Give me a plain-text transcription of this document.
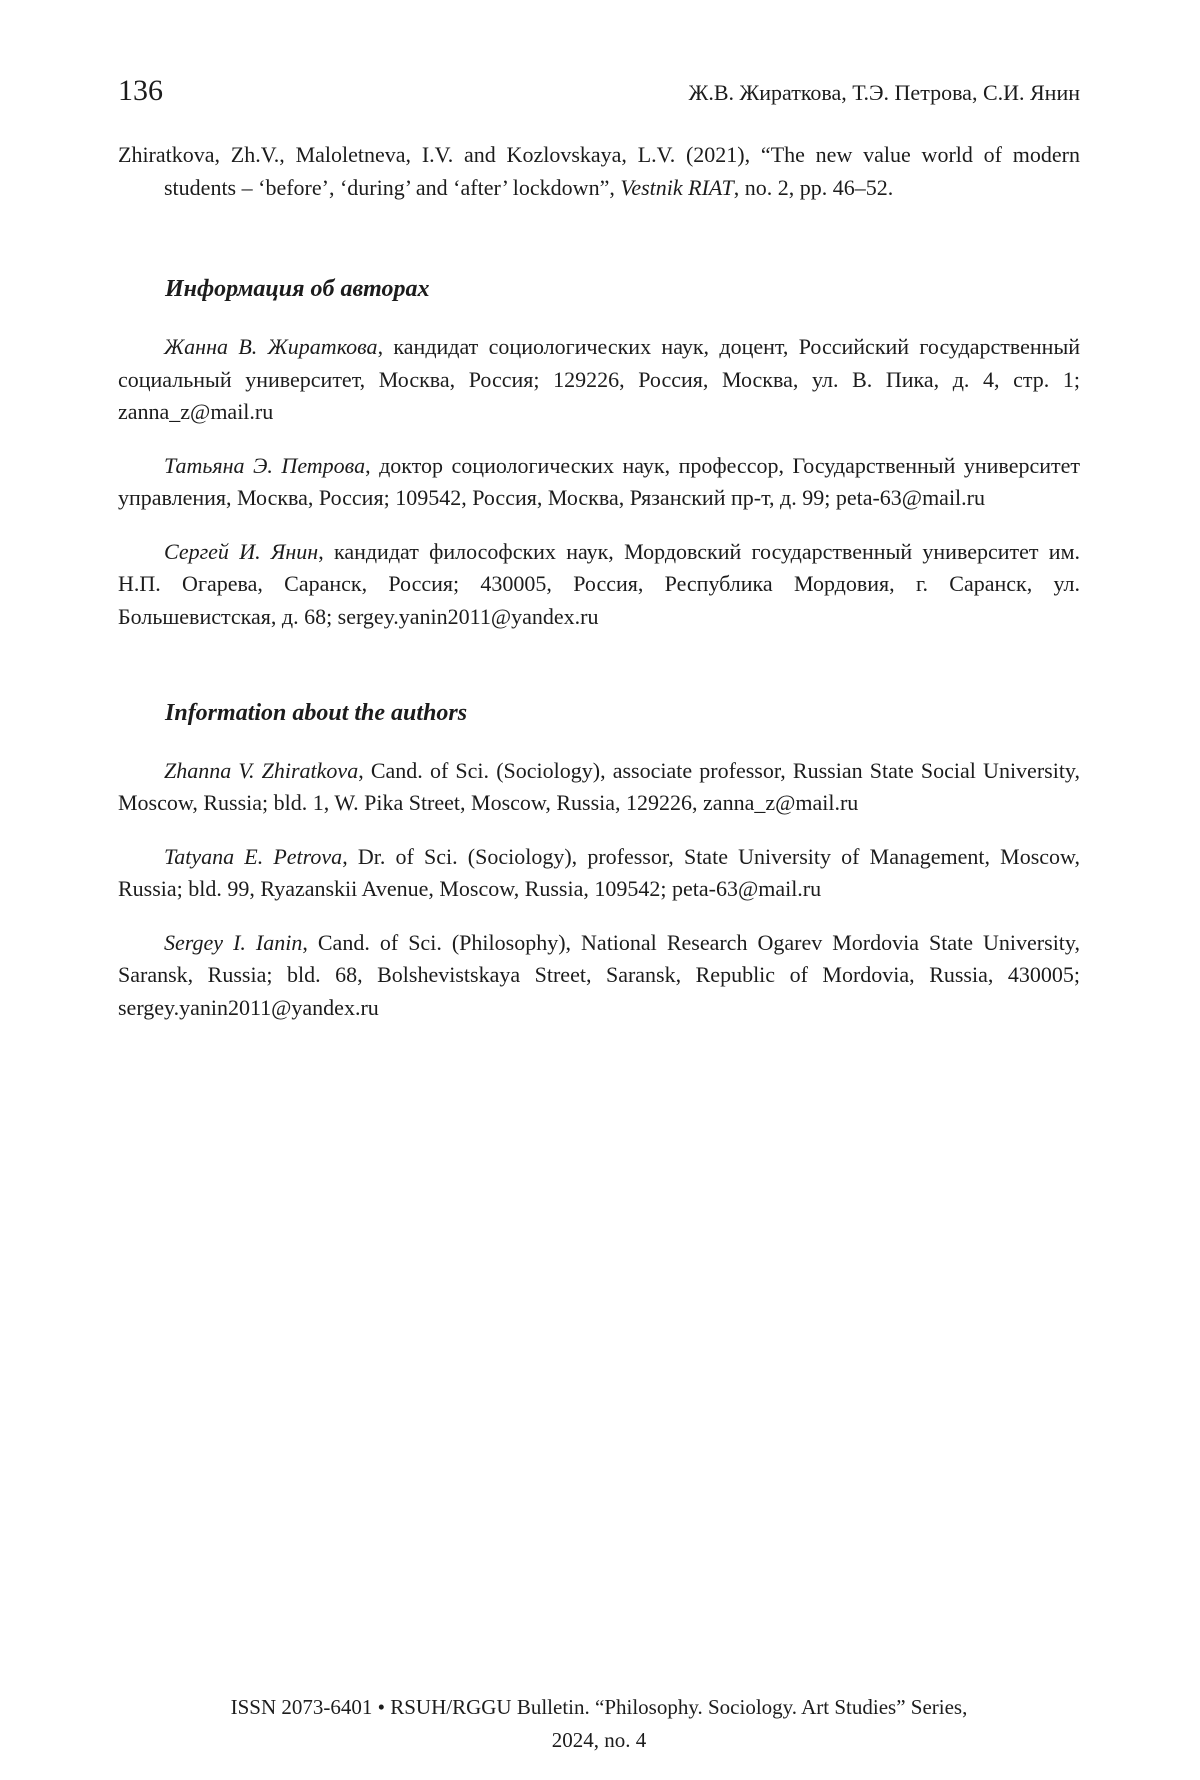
136	Ж.В. Жираткова, Т.Э. Петрова, С.И. Янин

Zhiratkova, Zh.V., Maloletneva, I.V. and Kozlovskaya, L.V. (2021), “The new value world of modern students – ‘before’, ‘during’ and ‘after’ lockdown”, Vestnik RIAT, no. 2, pp. 46–52.

Информация об авторах

Жанна В. Жираткова, кандидат социологических наук, доцент, Российский государственный социальный университет, Москва, Россия; 129226, Россия, Москва, ул. В. Пика, д. 4, стр. 1; zanna_z@mail.ru

Татьяна Э. Петрова, доктор социологических наук, профессор, Государственный университет управления, Москва, Россия; 109542, Россия, Москва, Рязанский пр-т, д. 99; peta-63@mail.ru

Сергей И. Янин, кандидат философских наук, Мордовский государственный университет им. Н.П. Огарева, Саранск, Россия; 430005, Россия, Республика Мордовия, г. Саранск, ул. Большевистская, д. 68; sergey.yanin2011@yandex.ru

Information about the authors

Zhanna V. Zhiratkova, Cand. of Sci. (Sociology), associate professor, Russian State Social University, Moscow, Russia; bld. 1, W. Pika Street, Moscow, Russia, 129226, zanna_z@mail.ru

Tatyana E. Petrova, Dr. of Sci. (Sociology), professor, State University of Management, Moscow, Russia; bld. 99, Ryazanskii Avenue, Moscow, Russia, 109542; peta-63@mail.ru

Sergey I. Ianin, Cand. of Sci. (Philosophy), National Research Ogarev Mordovia State University, Saransk, Russia; bld. 68, Bolshevistskaya Street, Saransk, Republic of Mordovia, Russia, 430005; sergey.yanin2011@yandex.ru

ISSN 2073-6401 • RSUH/RGGU Bulletin. “Philosophy. Sociology. Art Studies” Series,
2024, no. 4
